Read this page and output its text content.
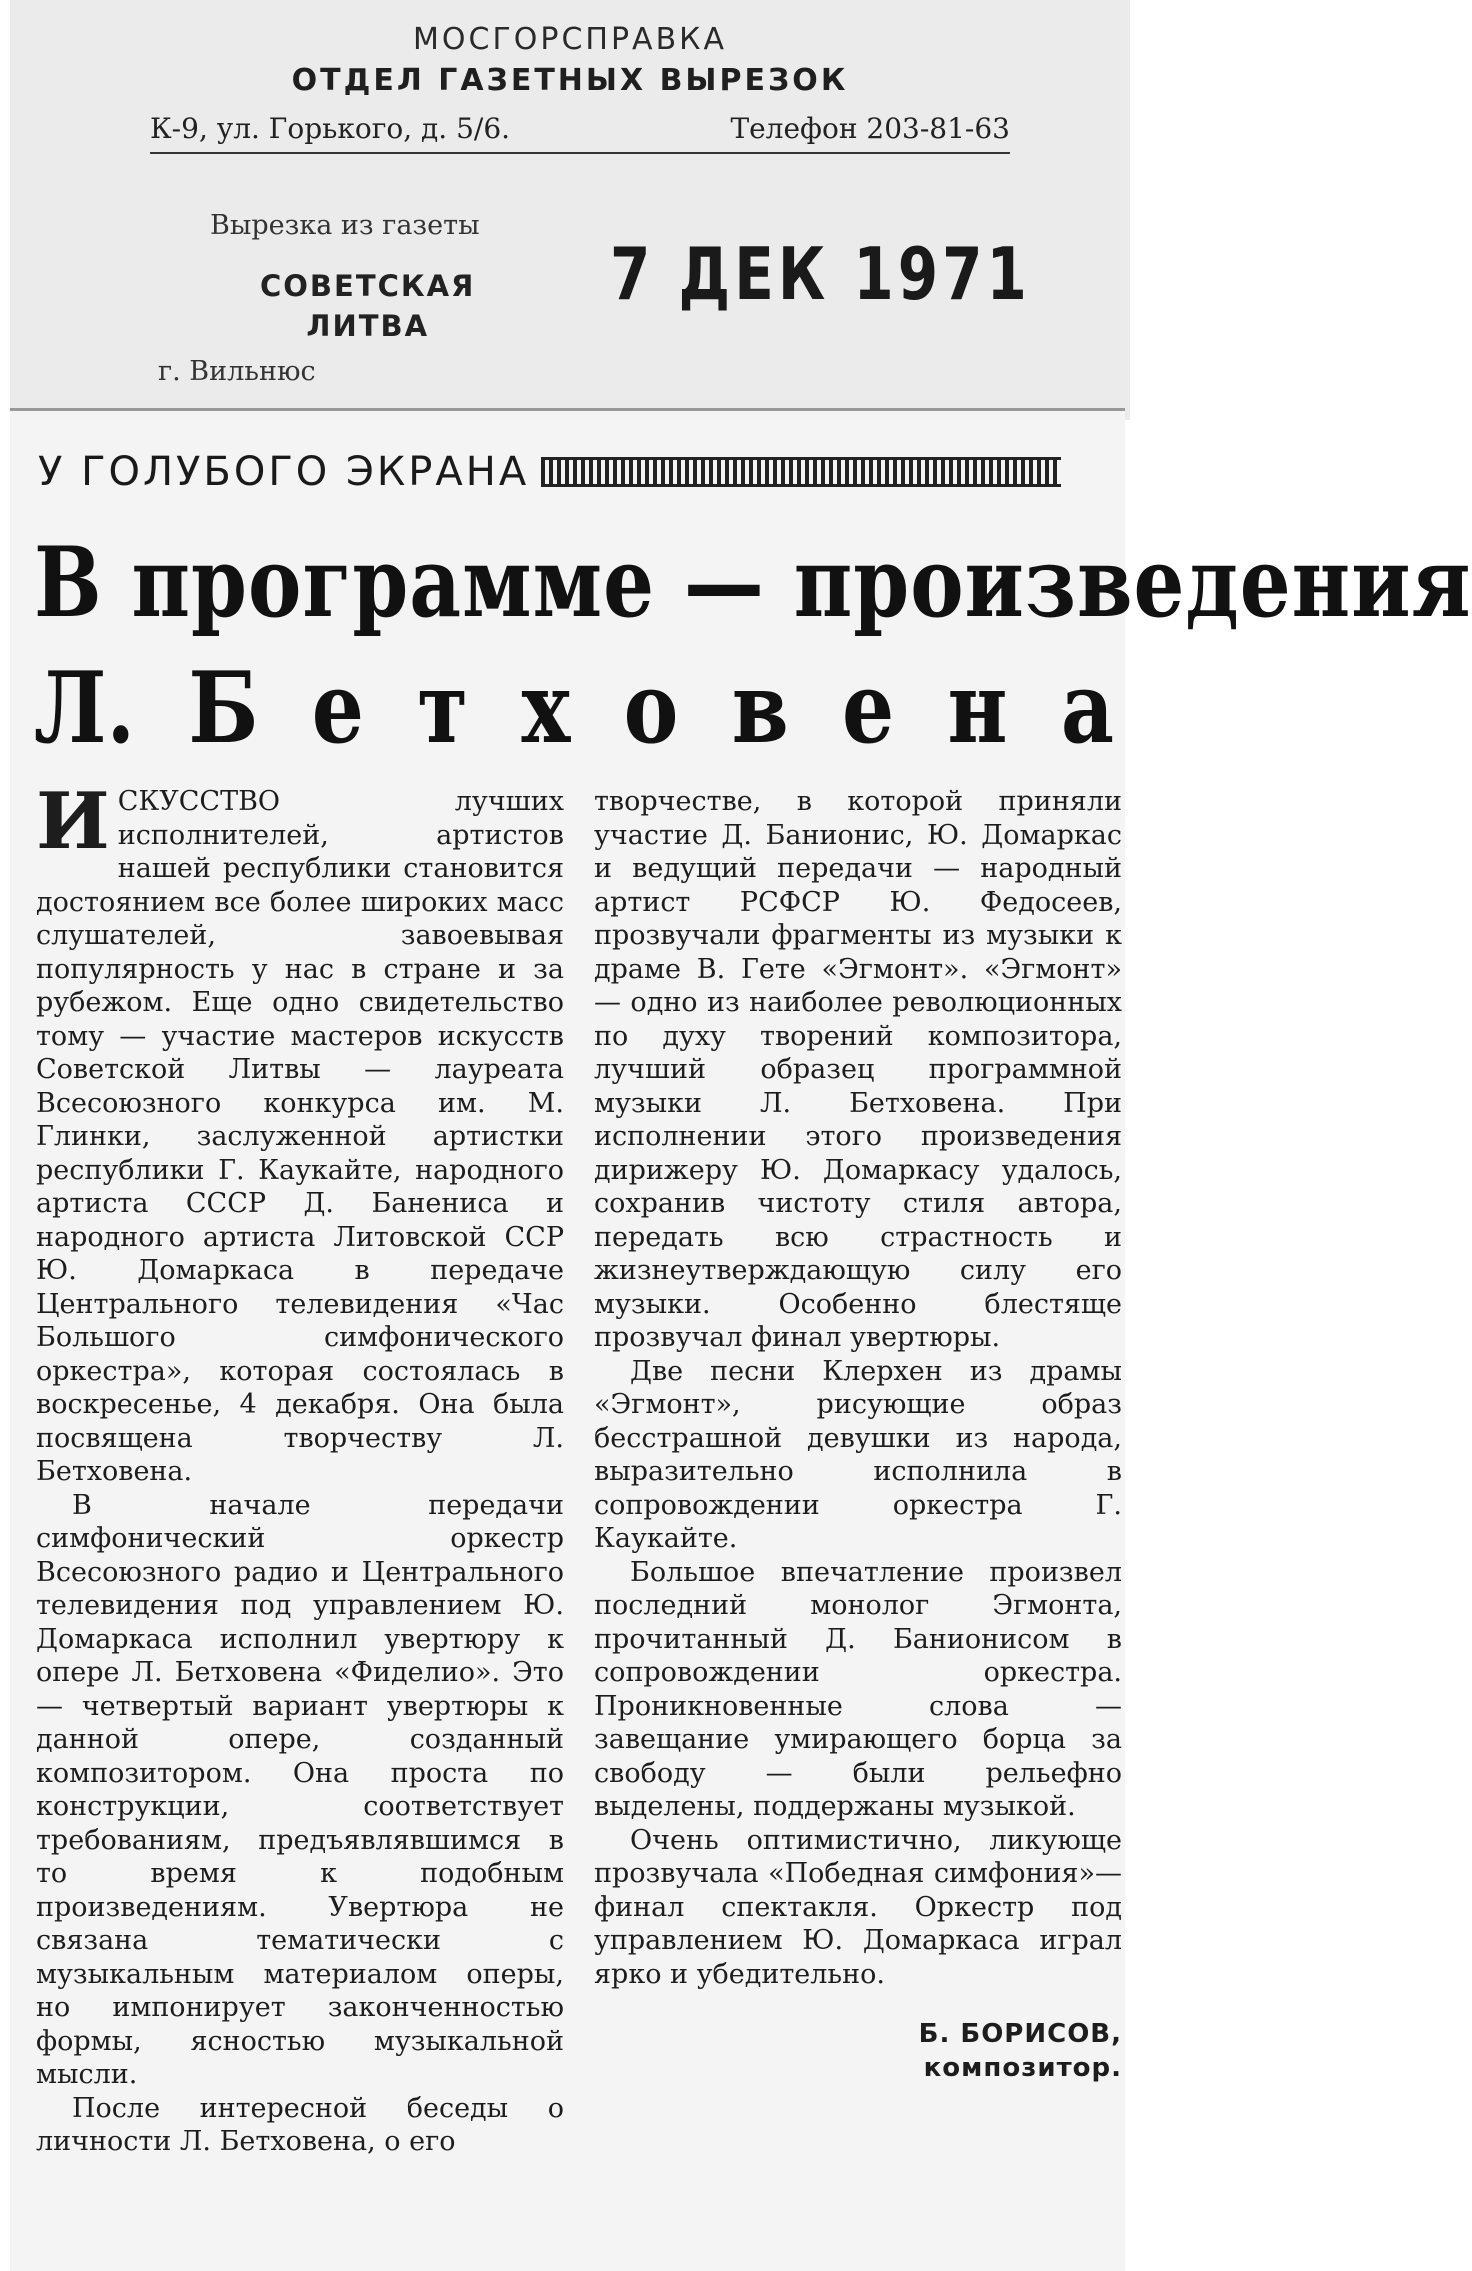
МОСГОРСПРАВКА
ОТДЕЛ ГАЗЕТНЫХ ВЫРЕЗОК
К-9, ул. Горького, д. 5/6.	Телефон 203-81-63
Вырезка из газеты
СОВЕТСКАЯ
ЛИТВА
7 ДЕК 1971
г. Вильнюс
У ГОЛУБОГО ЭКРАНА
В программе — произведения
Л. Б е т х о в е н а

ИСКУССТВО лучших исполнителей, артистов нашей республики становится достоянием все более широких масс слушателей, завоевывая популярность у нас в стране и за рубежом. Еще одно свидетельство тому — участие мастеров искусств Советской Литвы — лауреата Всесоюзного конкурса им. М. Глинки, заслуженной артистки республики Г. Каукайте, народного артиста СССР Д. Банениса и народного артиста Литовской ССР Ю. Домаркаса в передаче Центрального телевидения «Час Большого симфонического оркестра», которая состоялась в воскресенье, 4 декабря. Она была посвящена творчеству Л. Бетховена.

В начале передачи симфонический оркестр Всесоюзного радио и Центрального телевидения под управлением Ю. Домаркаса исполнил увертюру к опере Л. Бетховена «Фиделио». Это — четвертый вариант увертюры к данной опере, созданный композитором. Она проста по конструкции, соответствует требованиям, предъявлявшимся в то время к подобным произведениям. Увертюра не связана тематически с музыкальным материалом оперы, но импонирует законченностью формы, ясностью музыкальной мысли.

После интересной беседы о личности Л. Бетховена, о его

творчестве, в которой приняли участие Д. Банионис, Ю. Домаркас и ведущий передачи — народный артист РСФСР Ю. Федосеев, прозвучали фрагменты из музыки к драме В. Гете «Эгмонт». «Эгмонт» — одно из наиболее революционных по духу творений композитора, лучший образец программной музыки Л. Бетховена. При исполнении этого произведения дирижеру Ю. Домаркасу удалось, сохранив чистоту стиля автора, передать всю страстность и жизнеутверждающую силу его музыки. Особенно блестяще прозвучал финал увертюры.

Две песни Клерхен из драмы «Эгмонт», рисующие образ бесстрашной девушки из народа, выразительно исполнила в сопровождении оркестра Г. Каукайте.

Большое впечатление произвел последний монолог Эгмонта, прочитанный Д. Банионисом в сопровождении оркестра. Проникновенные слова — завещание умирающего борца за свободу — были рельефно выделены, поддержаны музыкой.

Очень оптимистично, ликующе прозвучала «Победная симфония»—финал спектакля. Оркестр под управлением Ю. Домаркаса играл ярко и убедительно.

Б. БОРИСОВ,
композитор.
